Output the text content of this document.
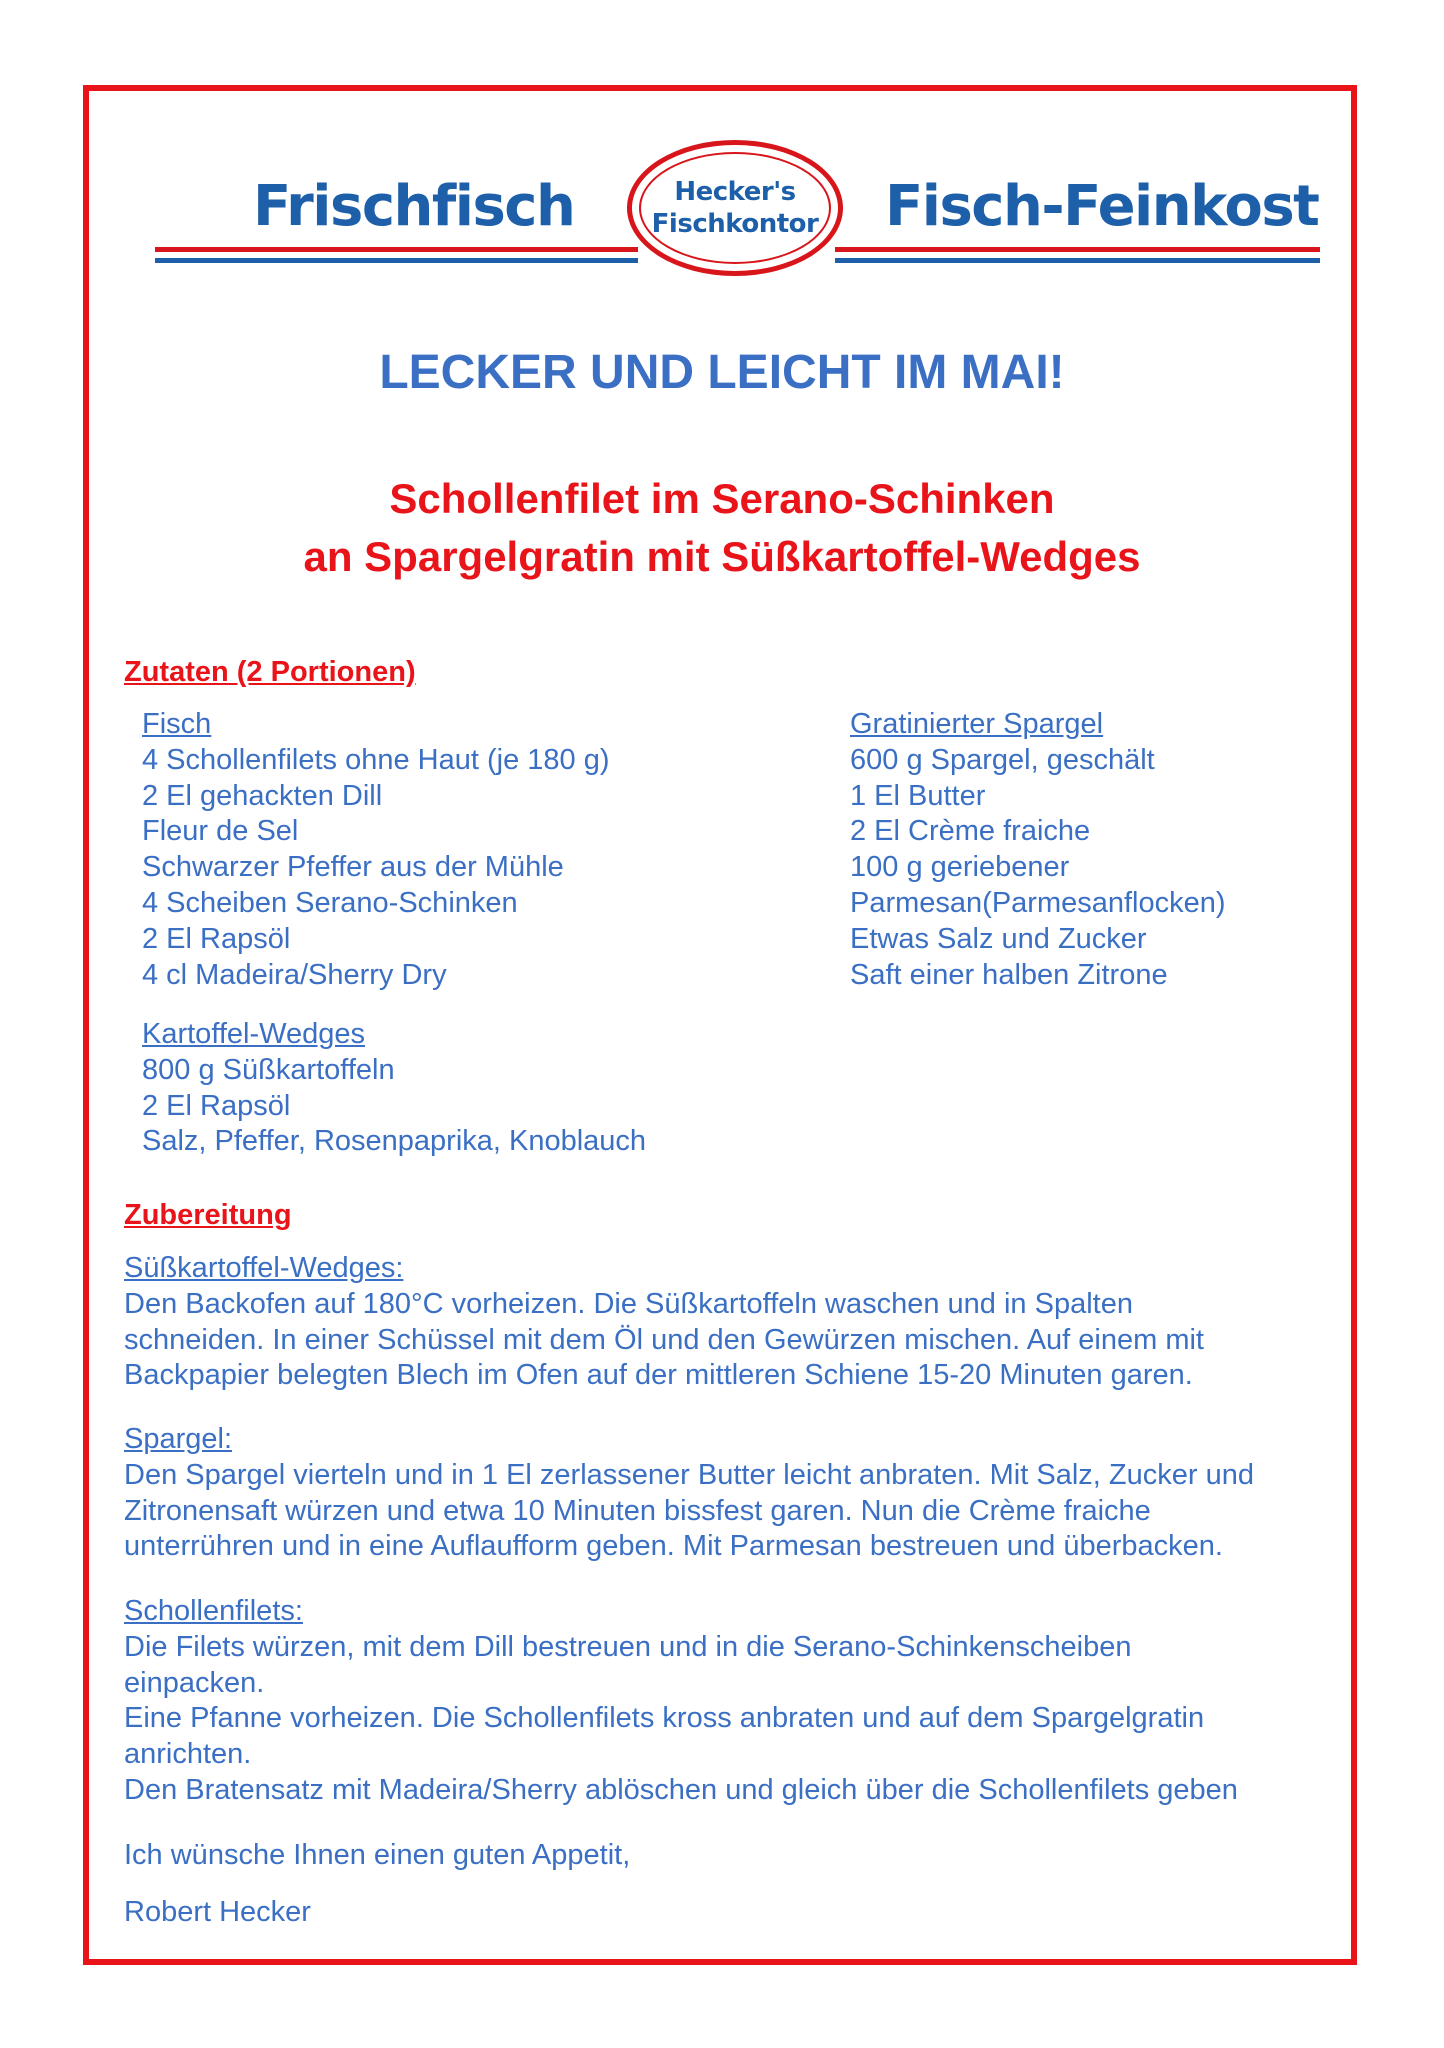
Frischfisch	Fisch-Feinkost
Hecker's
Fischkontor
LECKER UND LEICHT IM MAI!
Schollenfilet im Serano-Schinken
an Spargelgratin mit Süßkartoffel-Wedges
Zutaten (2 Portionen)
Fisch
4 Schollenfilets ohne Haut (je 180 g)
2 El gehackten Dill
Fleur de Sel
Schwarzer Pfeffer aus der Mühle
4 Scheiben Serano-Schinken
2 El Rapsöl
4 cl Madeira/Sherry Dry
Kartoffel-Wedges
800 g Süßkartoffeln
2 El Rapsöl
Salz, Pfeffer, Rosenpaprika, Knoblauch
Gratinierter Spargel
600 g Spargel, geschält
1 El Butter
2 El Crème fraiche
100 g geriebener
Parmesan(Parmesanflocken)
Etwas Salz und Zucker
Saft einer halben Zitrone
Zubereitung
Süßkartoffel-Wedges:
Den Backofen auf 180°C vorheizen. Die Süßkartoffeln waschen und in Spalten
schneiden. In einer Schüssel mit dem Öl und den Gewürzen mischen. Auf einem mit
Backpapier belegten Blech im Ofen auf der mittleren Schiene 15-20 Minuten garen.
Spargel:
Den Spargel vierteln und in 1 El zerlassener Butter leicht anbraten. Mit Salz, Zucker und
Zitronensaft würzen und etwa 10 Minuten bissfest garen. Nun die Crème fraiche
unterrühren und in eine Auflaufform geben. Mit Parmesan bestreuen und überbacken.
Schollenfilets:
Die Filets würzen, mit dem Dill bestreuen und in die Serano-Schinkenscheiben
einpacken.
Eine Pfanne vorheizen. Die Schollenfilets kross anbraten und auf dem Spargelgratin
anrichten.
Den Bratensatz mit Madeira/Sherry ablöschen und gleich über die Schollenfilets geben
Ich wünsche Ihnen einen guten Appetit,
Robert Hecker
